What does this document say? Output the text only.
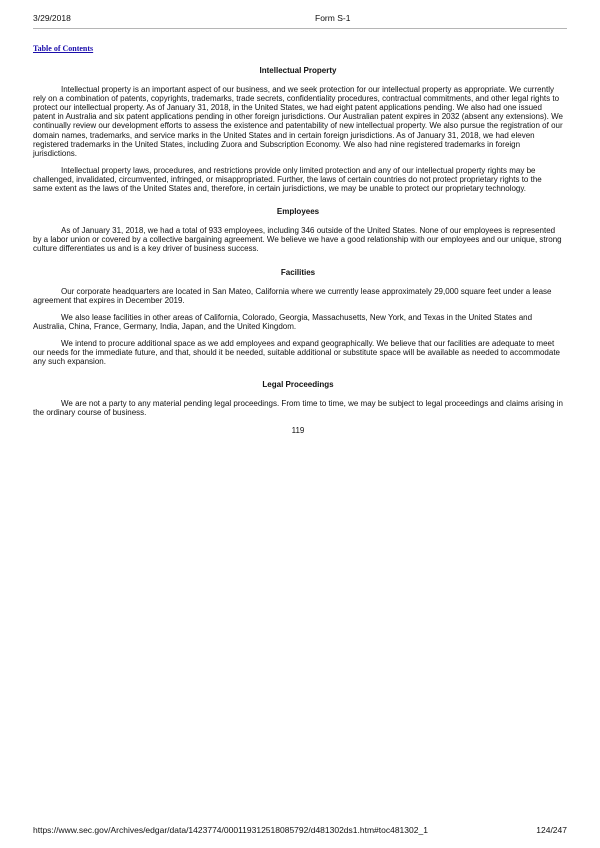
3/29/2018	Form S-1
Table of Contents
Intellectual Property

Intellectual property is an important aspect of our business, and we seek protection for our intellectual property as appropriate. We currently rely on a combination of patents, copyrights, trademarks, trade secrets, confidentiality procedures, contractual commitments, and other legal rights to protect our intellectual property. As of January 31, 2018, in the United States, we had eight patent applications pending. We also had one issued patent in Australia and six patent applications pending in other foreign jurisdictions. Our Australian patent expires in 2032 (absent any extensions). We continually review our development efforts to assess the existence and patentability of new intellectual property. We also pursue the registration of our domain names, trademarks, and service marks in the United States and in certain foreign jurisdictions. As of January 31, 2018, we had eleven registered trademarks in the United States, including Zuora and Subscription Economy. We also had nine registered trademarks in foreign jurisdictions.

Intellectual property laws, procedures, and restrictions provide only limited protection and any of our intellectual property rights may be challenged, invalidated, circumvented, infringed, or misappropriated. Further, the laws of certain countries do not protect proprietary rights to the same extent as the laws of the United States and, therefore, in certain jurisdictions, we may be unable to protect our proprietary technology.

Employees

As of January 31, 2018, we had a total of 933 employees, including 346 outside of the United States. None of our employees is represented by a labor union or covered by a collective bargaining agreement. We believe we have a good relationship with our employees and our unique, strong culture differentiates us and is a key driver of business success.

Facilities

Our corporate headquarters are located in San Mateo, California where we currently lease approximately 29,000 square feet under a lease agreement that expires in December 2019.

We also lease facilities in other areas of California, Colorado, Georgia, Massachusetts, New York, and Texas in the United States and Australia, China, France, Germany, India, Japan, and the United Kingdom.

We intend to procure additional space as we add employees and expand geographically. We believe that our facilities are adequate to meet our needs for the immediate future, and that, should it be needed, suitable additional or substitute space will be available as needed to accommodate any such expansion.

Legal Proceedings

We are not a party to any material pending legal proceedings. From time to time, we may be subject to legal proceedings and claims arising in the ordinary course of business.

119
https://www.sec.gov/Archives/edgar/data/1423774/000119312518085792/d481302ds1.htm#toc481302_1	124/247
